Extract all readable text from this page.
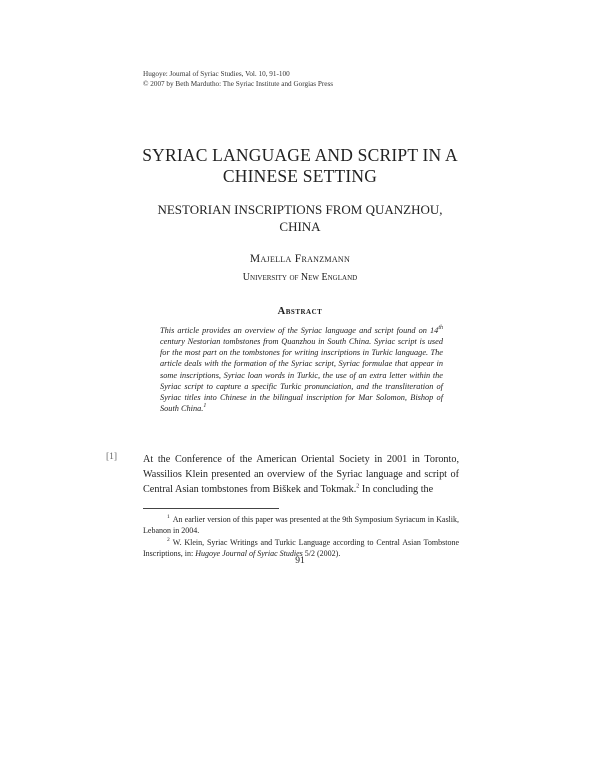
Hugoye: Journal of Syriac Studies, Vol. 10, 91-100
© 2007 by Beth Mardutho: The Syriac Institute and Gorgias Press
SYRIAC LANGUAGE AND SCRIPT IN A
CHINESE SETTING
NESTORIAN INSCRIPTIONS FROM QUANZHOU,
CHINA
Majella Franzmann
University of New England
Abstract
This article provides an overview of the Syriac language and script found on 14th century Nestorian tombstones from Quanzhou in South China. Syriac script is used for the most part on the tombstones for writing inscriptions in Turkic language. The article deals with the formation of the Syriac script, Syriac formulae that appear in some inscriptions, Syriac loan words in Turkic, the use of an extra letter within the Syriac script to capture a specific Turkic pronunciation, and the transliteration of Syriac titles into Chinese in the bilingual inscription for Mar Solomon, Bishop of South China.$^1$
[1]	At the Conference of the American Oriental Society in 2001 in Toronto, Wassilios Klein presented an overview of the Syriac language and script of Central Asian tombstones from Biškek and Tokmak.$^2$ In concluding the
$^1$ An earlier version of this paper was presented at the 9th Symposium Syriacum in Kaslik, Lebanon in 2004.
$^2$ W. Klein, Syriac Writings and Turkic Language according to Central Asian Tombstone Inscriptions, in: Hugoye Journal of Syriac Studies 5/2 (2002).
91
